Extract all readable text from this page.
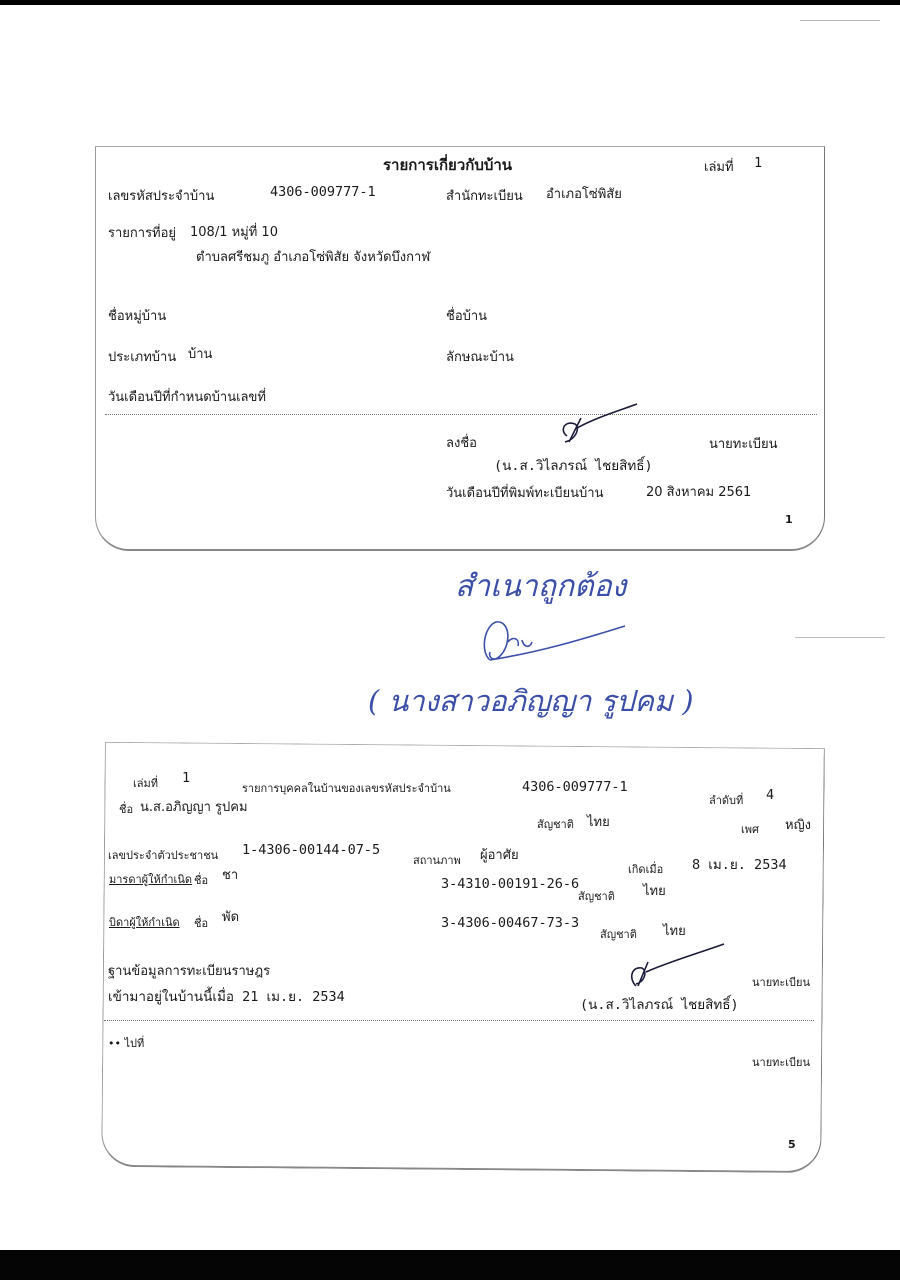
รายการเกี่ยวกับบ้าน	เล่มที่ 1
เลขรหัสประจำบ้าน	4306-009777-1	สำนักทะเบียน อำเภอโซ่พิสัย
รายการที่อยู่ 108/1 หมู่ที่ 10
ตำบลศรีชมภู อำเภอโซ่พิสัย จังหวัดบึงกาฬ
ชื่อหมู่บ้าน	ชื่อบ้าน
ประเภทบ้าน บ้าน	ลักษณะบ้าน
วันเดือนปีที่กำหนดบ้านเลขที่
ลงชื่อ	นายทะเบียน
(น.ส.วิไลภรณ์ ไชยสิทธิ์)
วันเดือนปีที่พิมพ์ทะเบียนบ้าน	20 สิงหาคม 2561
1
สำเนาถูกต้อง
( นางสาวอภิญญา รูปคม )
เล่มที่ 1
รายการบุคคลในบ้านของเลขรหัสประจำบ้าน	4306-009777-1
ลำดับที่ 4
ชื่อ น.ส.อภิญญา รูปคม
สัญชาติ ไทย	เพศ หญิง
เลขประจำตัวประชาชน 1-4306-00144-07-5
สถานภาพ ผู้อาศัย
เกิดเมื่อ 8 เม.ย. 2534
มารดาผู้ให้กำเนิด ชื่อ ชา
3-4310-00191-26-6
สัญชาติ ไทย
บิดาผู้ให้กำเนิด ชื่อ พัด	3-4306-00467-73-3
สัญชาติ ไทย
ฐานข้อมูลการทะเบียนราษฎร
เข้ามาอยู่ในบ้านนี้เมื่อ 21 เม.ย. 2534
นายทะเบียน
(น.ส.วิไลภรณ์ ไชยสิทธิ์)
•• ไปที่
นายทะเบียน
5
